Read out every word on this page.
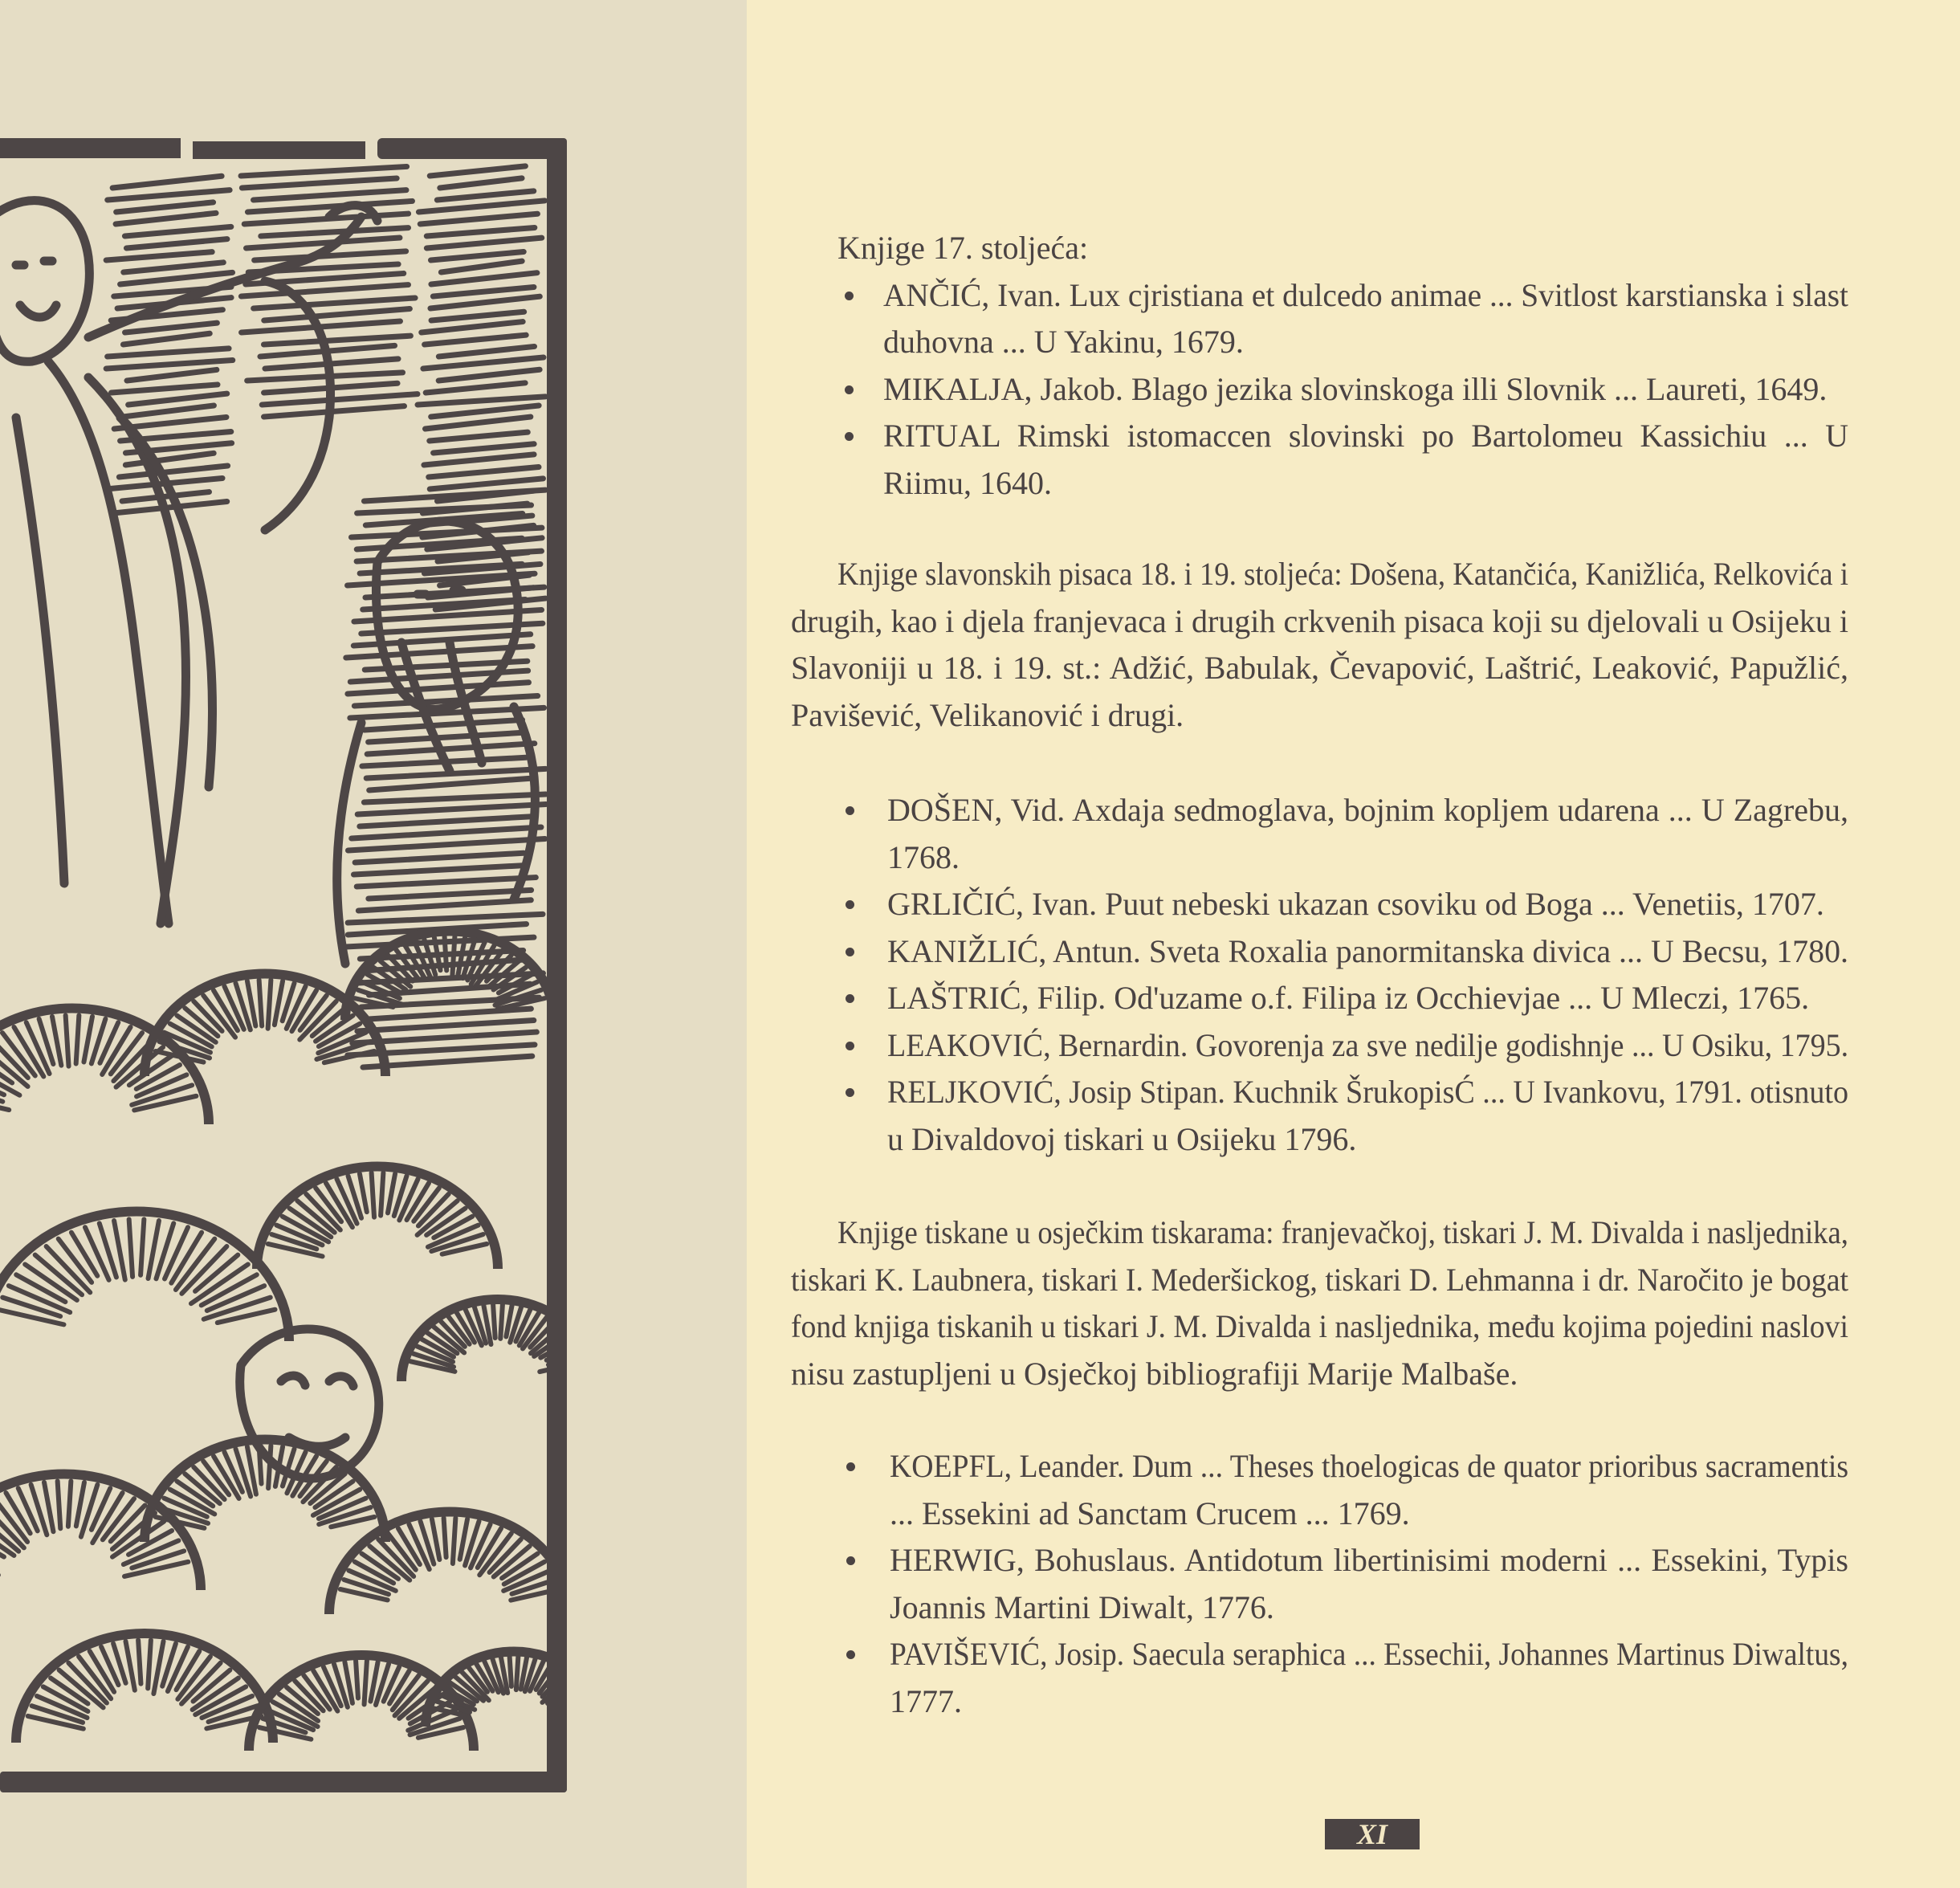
Knjige 17. stoljeća:
ANČIĆ, Ivan. Lux cjristiana et dulcedo animae ... Svitlost karstianska i slast
duhovna ... U Yakinu, 1679.
MIKALJA, Jakob. Blago jezika slovinskoga illi Slovnik ... Laureti, 1649.
RITUAL Rimski istomaccen slovinski po Bartolomeu Kassichiu ... U
Riimu, 1640.
Knjige slavonskih pisaca 18. i 19. stoljeća: Došena, Katančića, Kanižlića, Relkovića i
drugih, kao i djela franjevaca i drugih crkvenih pisaca koji su djelovali u Osijeku i
Slavoniji u 18. i 19. st.: Adžić, Babulak, Čevapović, Laštrić, Leaković, Papužlić,
Pavišević, Velikanović i drugi.
DOŠEN, Vid. Axdaja sedmoglava, bojnim kopljem udarena ... U Zagrebu,
1768.
GRLIČIĆ, Ivan. Puut nebeski ukazan csoviku od Boga ... Venetiis, 1707.
KANIŽLIĆ, Antun. Sveta Roxalia panormitanska divica ... U Becsu, 1780.
LAŠTRIĆ, Filip. Od'uzame o.f. Filipa iz Occhievjae ... U Mleczi, 1765.
LEAKOVIĆ, Bernardin. Govorenja za sve nedilje godishnje ... U Osiku, 1795.
RELJKOVIĆ, Josip Stipan. Kuchnik ŠrukopisĆ ... U Ivankovu, 1791. otisnuto
u Divaldovoj tiskari u Osijeku 1796.
Knjige tiskane u osječkim tiskarama: franjevačkoj, tiskari J. M. Divalda i nasljednika,
tiskari K. Laubnera, tiskari I. Mederšickog, tiskari D. Lehmanna i dr. Naročito je bogat
fond knjiga tiskanih u tiskari J. M. Divalda i nasljednika, među kojima pojedini naslovi
nisu zastupljeni u Osječkoj bibliografiji Marije Malbaše.
KOEPFL, Leander. Dum ... Theses thoelogicas de quator prioribus sacramentis
... Essekini ad Sanctam Crucem ... 1769.
HERWIG, Bohuslaus. Antidotum libertinisimi moderni ... Essekini, Typis
Joannis Martini Diwalt, 1776.
PAVIŠEVIĆ, Josip. Saecula seraphica ... Essechii, Johannes Martinus Diwaltus,
1777.
XI
